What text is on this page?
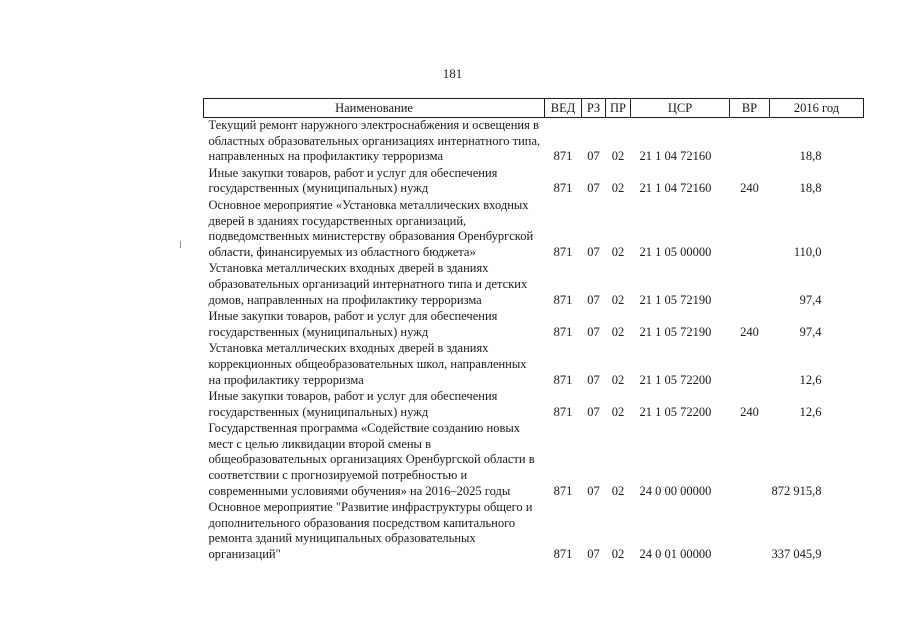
181
Наименование	ВЕД	РЗ	ПР	ЦСР	ВР	2016 год
Текущий ремонт наружного электроснабжения и освещения в областных образовательных организациях интернатного типа, направленных на профилактику терроризма	871	07	02	21 1 04 72160		18,8
Иные закупки товаров, работ и услуг для обеспечения государственных (муниципальных) нужд	871	07	02	21 1 04 72160	240	18,8
Основное мероприятие «Установка металлических входных дверей в зданиях государственных организаций, подведомственных министерству образования Оренбургской области, финансируемых из областного бюджета»	871	07	02	21 1 05 00000		110,0
Установка металлических входных дверей в зданиях образовательных организаций интернатного типа и детских домов, направленных на профилактику терроризма	871	07	02	21 1 05 72190		97,4
Иные закупки товаров, работ и услуг для обеспечения государственных (муниципальных) нужд	871	07	02	21 1 05 72190	240	97,4
Установка металлических входных дверей в зданиях коррекционных общеобразовательных школ, направленных на профилактику терроризма	871	07	02	21 1 05 72200		12,6
Иные закупки товаров, работ и услуг для обеспечения государственных (муниципальных) нужд	871	07	02	21 1 05 72200	240	12,6
Государственная программа «Содействие созданию новых мест с целью ликвидации второй смены в общеобразовательных организациях Оренбургской области в соответствии с прогнозируемой потребностью и современными условиями обучения» на 2016–2025 годы	871	07	02	24 0 00 00000		872 915,8
Основное мероприятие "Развитие инфраструктуры общего и дополнительного образования посредством капитального ремонта зданий муниципальных образовательных организаций"	871	07	02	24 0 01 00000		337 045,9
